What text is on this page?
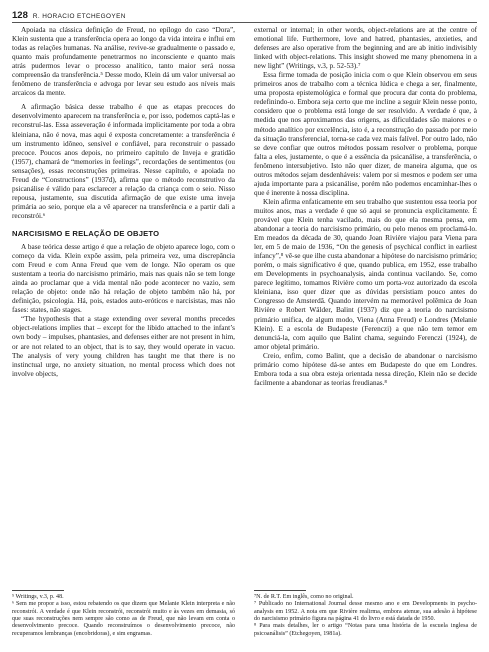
128 R. HORACIO ETCHEGOYEN

Apoiada na clássica definição de Freud, no epílogo do caso “Dora”, Klein sustenta que a transferência opera ao longo da vida inteira e influi em todas as relações humanas. Na análise, revive-se gradualmente o passado e, quanto mais profundamente penetrarmos no inconsciente e quanto mais atrás pudermos levar o processo analítico, tanto maior será nossa compreensão da transferência.⁵ Desse modo, Klein dá um valor universal ao fenômeno de transferência e advoga por levar seu estudo aos níveis mais arcaicos da mente.

A afirmação básica desse trabalho é que as etapas precoces do desenvolvimento aparecem na transferência e, por isso, podemos captá-las e reconstruí-las. Essa asseveração é informada implicitamente por toda a obra kleiniana, não é nova, mas aqui é exposta concretamente: a transferência é um instrumento idôneo, sensível e confiável, para reconstruir o passado precoce. Poucos anos depois, no primeiro capítulo de Inveja e gratidão (1957), chamará de “memories in feelings”, recordações de sentimentos (ou sensações), essas reconstruções primeiras. Nesse capítulo, e apoiada no Freud de “Constructions” (1937d), afirma que o método reconstrutivo da psicanálise é válido para esclarecer a relação da criança com o seio. Nisso repousa, justamente, sua discutida afirmação de que existe uma inveja primária ao seio, porque ela a vê aparecer na transferência e a partir dali a reconstrói.⁶

NARCISISMO E RELAÇÃO DE OBJETO

A base teórica desse artigo é que a relação de objeto aparece logo, com o começo da vida. Klein expõe assim, pela primeira vez, uma discrepância com Freud e com Anna Freud que vem de longe. Não operam os que sustentam a teoria do narcisismo primário, mais nas quais não se tem longe ainda ao proclamar que a vida mental não pode acontecer no vazio, sem relação de objeto: onde não há relação de objeto também não há, por definição, psicologia. Há, pois, estados auto-eróticos e narcisistas, mas não fases: states, não stages.

“The hypothesis that a stage extending over several months precedes object-relations implies that – except for the libido attached to the infant’s own body – impulses, phantasies, and defenses either are not present in him, or are not related to an object, that is to say, they would operate in vacuo. The analysis of very young children has taught me that there is no instinctual urge, no anxiety situation, no mental process which does not involve objects,

⁵ Writings, v.3, p. 48.

⁶ Sem me propor a isso, estou rebatendo os que dizem que Melanie Klein interpreta e não reconstrói. A verdade é que Klein reconstrói, reconstrói muito e às vezes em demasia, só que suas reconstruções nem sempre são como as de Freud, que não levam em conta o desenvolvimento precoce. Quando reconstruímos o desenvolvimento precoce, não recuperamos lembranças (encobridoras), e sim engramas.

external or internal; in other words, object-relations are at the centre of emotional life. Furthermore, love and hatred, phantasies, anxieties, and defenses are also operative from the beginning and are ab initio indivisibly linked with object-relations. This insight showed me many phenomena in a new light” (Writings, v.3, p. 52-53).⁷

Essa firme tomada de posição inicia com o que Klein observou em seus primeiros anos de trabalho com a técnica lúdica e chega a ser, finalmente, uma proposta epistemológica e formal que procura dar conta do problema, redefinindo-o. Embora seja certo que me incline a seguir Klein nesse ponto, considero que o problema está longe de ser resolvido. A verdade é que, à medida que nos aproximamos das origens, as dificuldades são maiores e o método analítico por excelência, isto é, a reconstrução do passado por meio da situação transferencial, torna-se cada vez mais falível. Por outro lado, não se deve confiar que outros métodos possam resolver o problema, porque falta a eles, justamente, o que é a essência da psicanálise, a transferência, o fenômeno intersubjetivo. Isto não quer dizer, de maneira alguma, que os outros métodos sejam desdenháveis: valem por si mesmos e podem ser uma ajuda importante para a psicanálise, porém não podemos encaminhar-lhes o que é inerente à nossa disciplina.

Klein afirma enfaticamente em seu trabalho que sustentou essa teoria por muitos anos, mas a verdade é que só aqui se pronuncia explicitamente. É provável que Klein tenha vacilado, mais do que ela mesma pensa, em abandonar a teoria do narcisismo primário, ou pelo menos em proclamá-lo. Em meados da década de 30, quando Joan Rivière viajou para Viena para ler, em 5 de maio de 1936, “On the genesis of psychical conflict in earliest infancy”,⁸ vê-se que ilhe custa abandonar a hipótese do narcisismo primário; porém, o mais significativo é que, quando publica, em 1952, esse trabalho em Developments in psychoanalysis, ainda continua vacilando. Se, como parece legítimo, tomamos Rivière como um porta-voz autorizado da escola kleiniana, isso quer dizer que as dúvidas persistiam pouco antes do Congresso de Amsterdã. Quando intervém na memorável polêmica de Joan Rivière e Robert Wälder, Balint (1937) diz que a teoria do narcisismo primário unifica, de algum modo, Viena (Anna Freud) e Londres (Melanie Klein). E a escola de Budapeste (Ferenczi) a que não tem temor em denunciá-la, com aquilo que Balint chama, seguindo Ferenczi (1924), de amor objetal primário.

Creio, enfim, como Balint, que a decisão de abandonar o narcisismo primário como hipótese dá-se antes em Budapeste do que em Londres. Embora toda a sua obra esteja orientada nessa direção, Klein não se decide facilmente a abandonar as teorias freudianas.⁸

⁷N. de R.T. Em inglês, como no original.

⁷ Publicado no International Journal desse mesmo ano e em Developments in psycho-analysis em 1952. A nota em que Rivière realirma, embora atenue, sua adesão à hipótese do narcisismo primário figura na página 41 do livro e está datada de 1950.

⁸ Para mais detalhes, ler o artigo “Notas para uma história de la escuela inglesa de psicoanálisis” (Etchegoyen, 1981a).
